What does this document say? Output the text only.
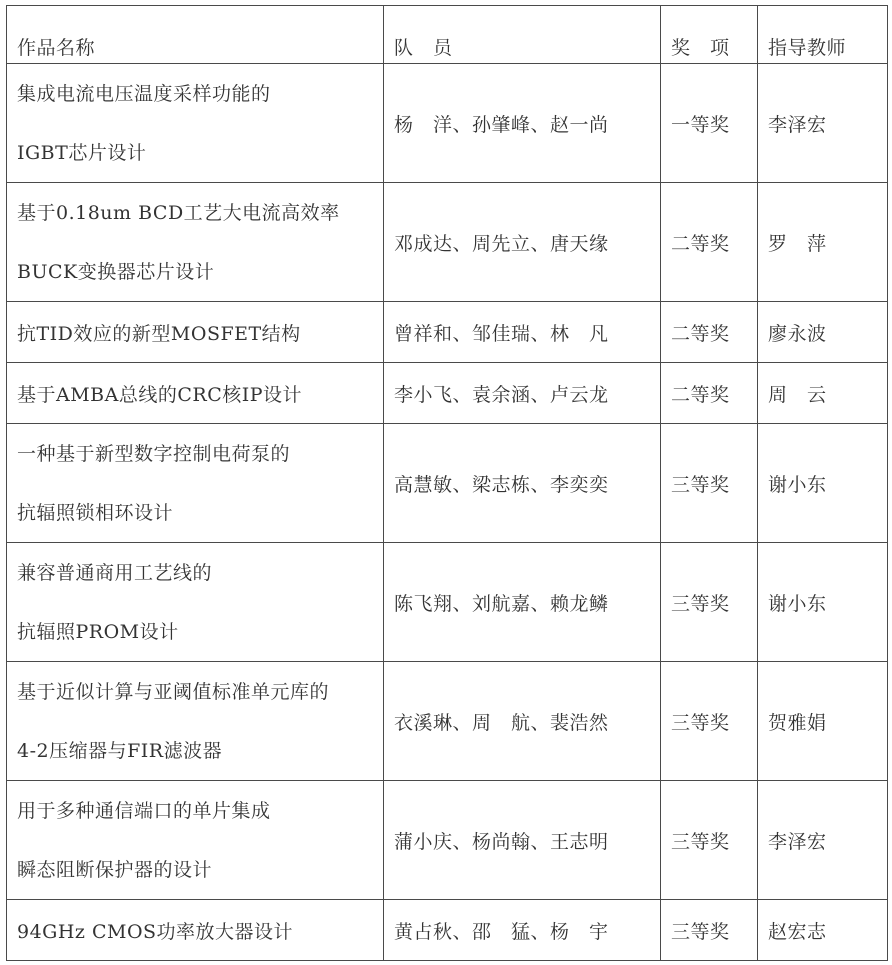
作品名称	队　员	奖　项	指导教师

集成电流电压温度采样功能的
IGBT芯片设计	杨　洋、孙肇峰、赵一尚	一等奖	李泽宏

基于0.18um BCD工艺大电流高效率
BUCK变换器芯片设计	邓成达、周先立、唐天缘	二等奖	罗　萍
抗TID效应的新型MOSFET结构	曾祥和、邹佳瑞、林　凡	二等奖	廖永波
基于AMBA总线的CRC核IP设计	李小飞、袁余涵、卢云龙	二等奖	周　云

一种基于新型数字控制电荷泵的
抗辐照锁相环设计	高慧敏、梁志栋、李奕奕	三等奖	谢小东

兼容普通商用工艺线的
抗辐照PROM设计	陈飞翔、刘航嘉、赖龙鳞	三等奖	谢小东

基于近似计算与亚阈值标准单元库的
4-2压缩器与FIR滤波器	衣溪琳、周　航、裴浩然	三等奖	贺雅娟

用于多种通信端口的单片集成
瞬态阻断保护器的设计	蒲小庆、杨尚翰、王志明	三等奖	李泽宏
94GHz CMOS功率放大器设计	黄占秋、邵　猛、杨　宇	三等奖	赵宏志
